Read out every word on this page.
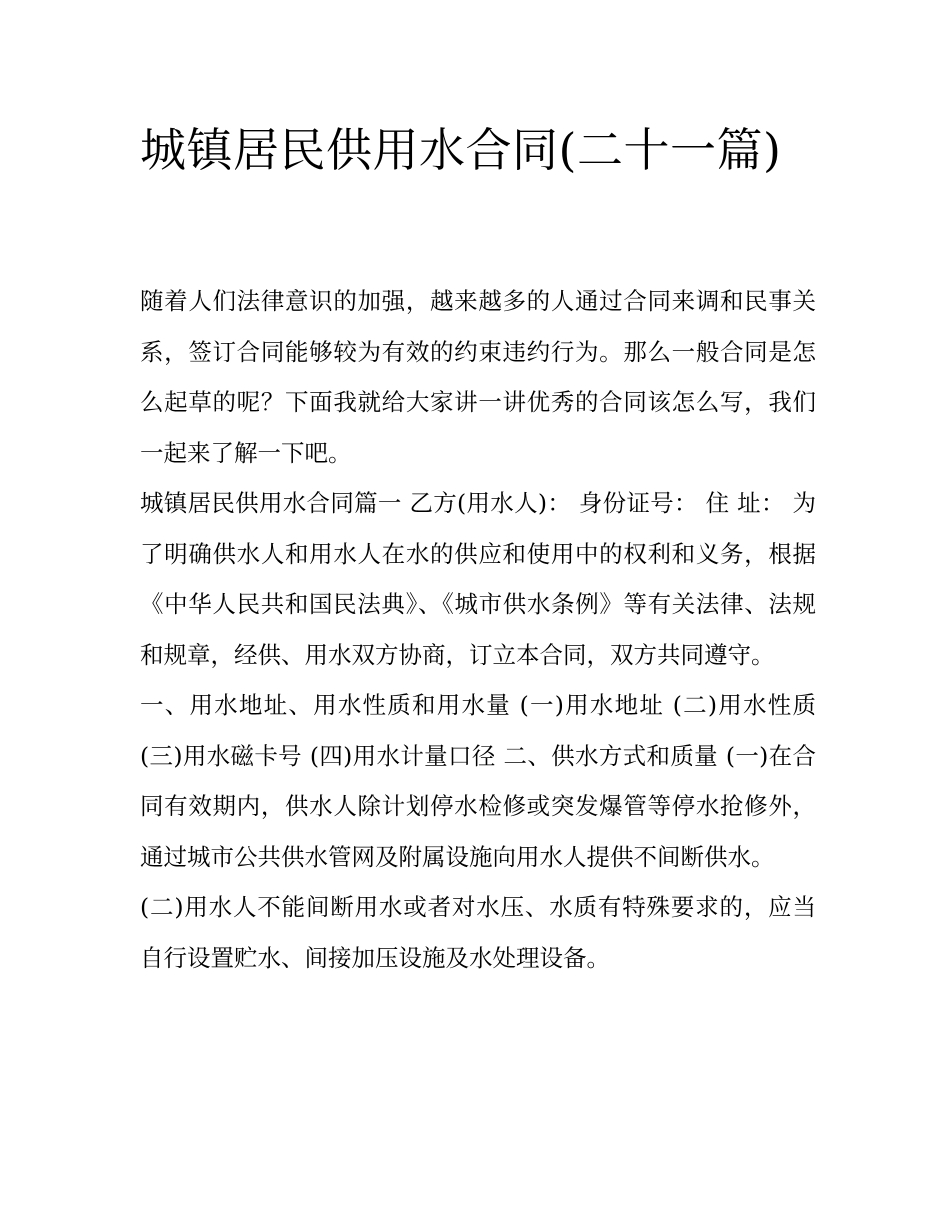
城镇居民供用水合同(二十一篇)

随着人们法律意识的加强，越来越多的人通过合同来调和民事关系，签订合同能够较为有效的约束违约行为。那么一般合同是怎么起草的呢？下面我就给大家讲一讲优秀的合同该怎么写，我们一起来了解一下吧。

城镇居民供用水合同篇一 乙方(用水人)： 身份证号： 住 址： 为了明确供水人和用水人在水的供应和使用中的权利和义务，根据《中华人民共和国民法典》、《城市供水条例》等有关法律、法规和规章，经供、用水双方协商，订立本合同，双方共同遵守。

一、用水地址、用水性质和用水量 (一)用水地址 (二)用水性质 (三)用水磁卡号 (四)用水计量口径 二、供水方式和质量 (一)在合同有效期内，供水人除计划停水检修或突发爆管等停水抢修外，通过城市公共供水管网及附属设施向用水人提供不间断供水。

(二)用水人不能间断用水或者对水压、水质有特殊要求的，应当自行设置贮水、间接加压设施及水处理设备。
